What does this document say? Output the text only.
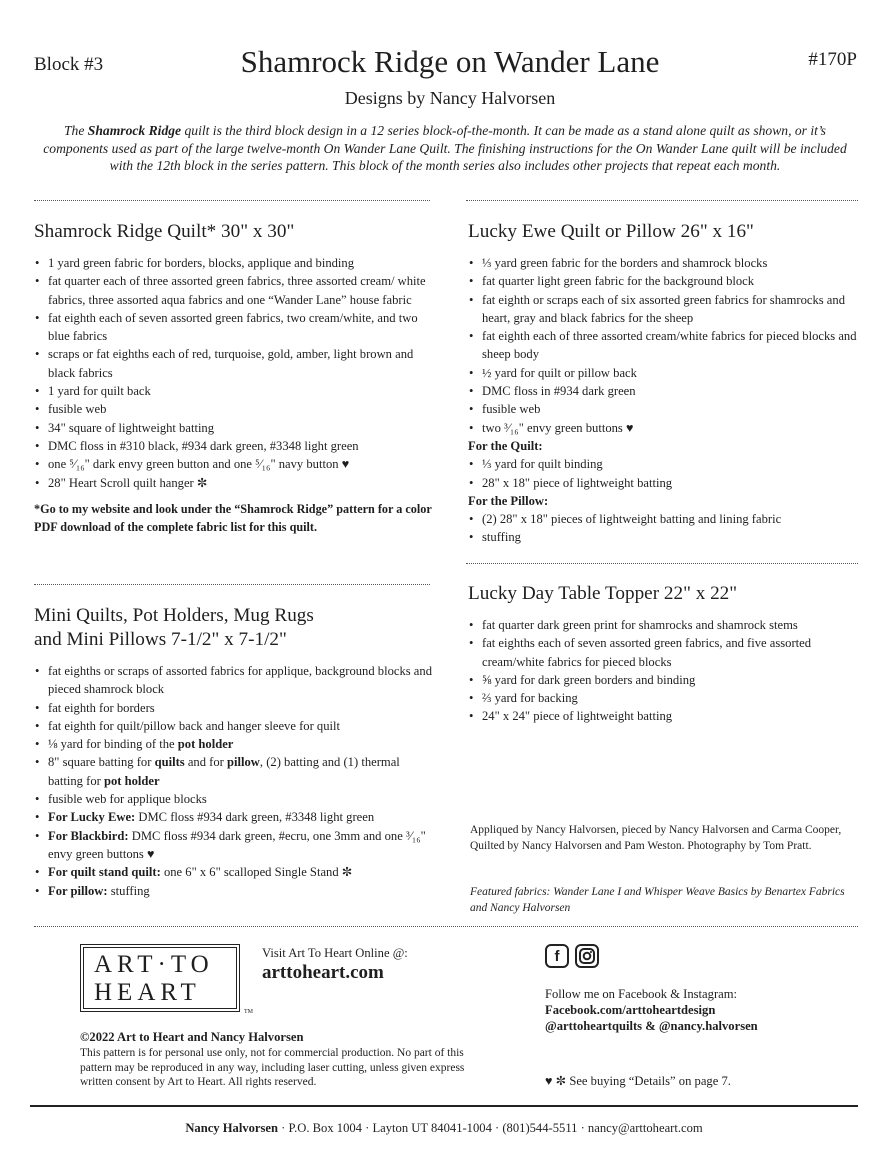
Block #3	Shamrock Ridge on Wander Lane	#170P
Designs by Nancy Halvorsen
The Shamrock Ridge quilt is the third block design in a 12 series block-of-the-month. It can be made as a stand alone quilt as shown, or it’s components used as part of the large twelve-month On Wander Lane Quilt. The finishing instructions for the On Wander Lane quilt will be included with the 12th block in the series pattern. This block of the month series also includes other projects that repeat each month.
Shamrock Ridge Quilt* 30" x 30"
• 1 yard green fabric for borders, blocks, applique and binding
• fat quarter each of three assorted green fabrics, three assorted cream/ white fabrics, three assorted aqua fabrics and one “Wander Lane” house fabric
• fat eighth each of seven assorted green fabrics, two cream/white, and two blue fabrics
• scraps or fat eighths each of red, turquoise, gold, amber, light brown and black fabrics
• 1 yard for quilt back
• fusible web
• 34" square of lightweight batting
• DMC floss in #310 black, #934 dark green, #3348 light green
• one ⁵⁄₁₆" dark envy green button and one ⁵⁄₁₆" navy button ♥
• 28" Heart Scroll quilt hanger ✼
*Go to my website and look under the “Shamrock Ridge” pattern for a color PDF download of the complete fabric list for this quilt.
Mini Quilts, Pot Holders, Mug Rugs
and Mini Pillows 7-1/2" x 7-1/2"
• fat eighths or scraps of assorted fabrics for applique, background blocks and pieced shamrock block
• fat eighth for borders
• fat eighth for quilt/pillow back and hanger sleeve for quilt
• ⅛ yard for binding of the pot holder
• 8" square batting for quilts and for pillow, (2) batting and (1) thermal batting for pot holder
• fusible web for applique blocks
• For Lucky Ewe: DMC floss #934 dark green, #3348 light green
• For Blackbird: DMC floss #934 dark green, #ecru, one 3mm and one ³⁄₁₆" envy green buttons ♥
• For quilt stand quilt: one 6" x 6" scalloped Single Stand ✼
• For pillow: stuffing
Lucky Ewe Quilt or Pillow 26" x 16"
• ⅓ yard green fabric for the borders and shamrock blocks
• fat quarter light green fabric for the background block
• fat eighth or scraps each of six assorted green fabrics for shamrocks and heart, gray and black fabrics for the sheep
• fat eighth each of three assorted cream/white fabrics for pieced blocks and sheep body
• ½ yard for quilt or pillow back
• DMC floss in #934 dark green
• fusible web
• two ³⁄₁₆" envy green buttons ♥
For the Quilt:
• ⅓ yard for quilt binding
• 28" x 18" piece of lightweight batting
For the Pillow:
• (2) 28" x 18" pieces of lightweight batting and lining fabric
• stuffing
Lucky Day Table Topper 22" x 22"
• fat quarter dark green print for shamrocks and shamrock stems
• fat eighths each of seven assorted green fabrics, and five assorted cream/white fabrics for pieced blocks
• ⅝ yard for dark green borders and binding
• ⅔ yard for backing
• 24" x 24" piece of lightweight batting
Appliqued by Nancy Halvorsen, pieced by Nancy Halvorsen and Carma Cooper, Quilted by Nancy Halvorsen and Pam Weston. Photography by Tom Pratt.
Featured fabrics: Wander Lane I and Whisper Weave Basics by Benartex Fabrics and Nancy Halvorsen
ART·TO
HEART
TM
Visit Art To Heart Online @:
arttoheart.com
f
Follow me on Facebook & Instagram:
Facebook.com/arttoheartdesign
@arttoheartquilts & @nancy.halvorsen
©2022 Art to Heart and Nancy Halvorsen
This pattern is for personal use only, not for commercial production. No part of this pattern may be reproduced in any way, including laser cutting, unless given express written consent by Art to Heart. All rights reserved.	♥ ✼ See buying “Details” on page 7.
Nancy Halvorsen · P.O. Box 1004 · Layton UT 84041-1004 · (801)544-5511 · nancy@arttoheart.com
